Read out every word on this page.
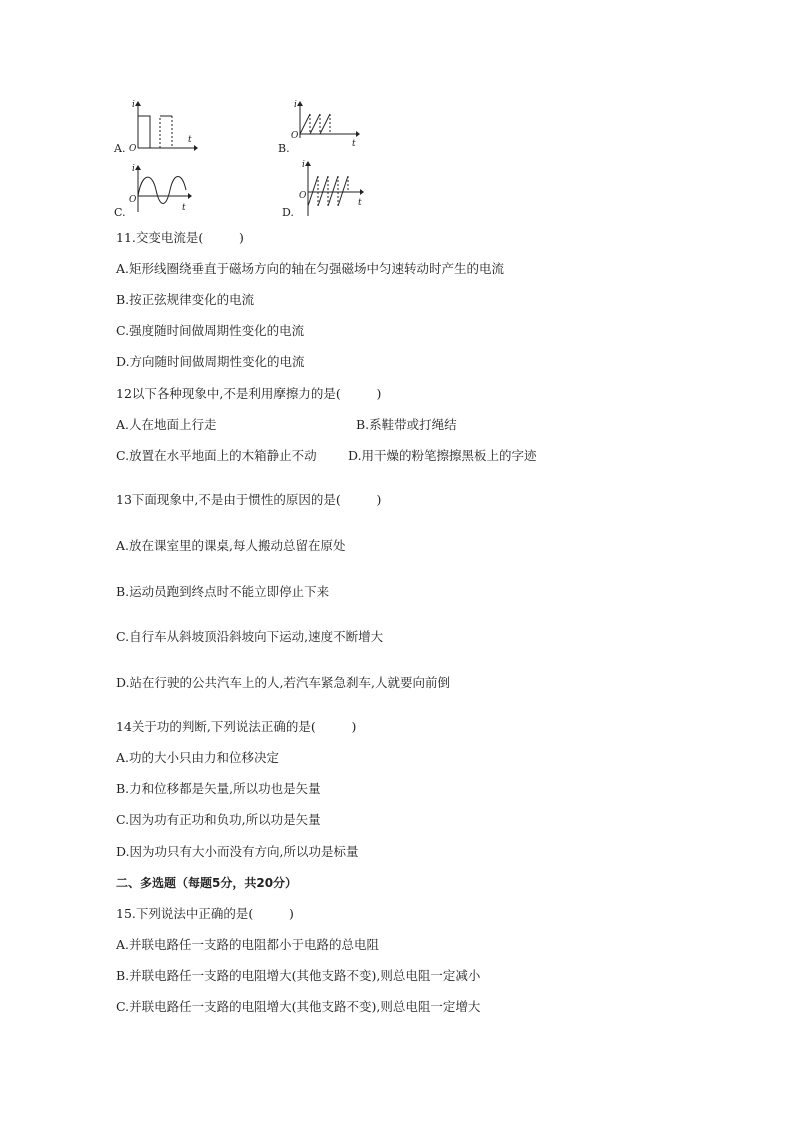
A.
i
t
O	B.
i
t
O
C.
i
t
O
D.
i
t
O
11.交变电流是(         )
A.矩形线圈绕垂直于磁场方向的轴在匀强磁场中匀速转动时产生的电流
B.按正弦规律变化的电流
C.强度随时间做周期性变化的电流
D.方向随时间做周期性变化的电流
12以下各种现象中,不是利用摩擦力的是(         )
A.人在地面上行走	B.系鞋带或打绳结
C.放置在水平地面上的木箱静止不动	D.用干燥的粉笔擦擦黑板上的字迹
13下面现象中,不是由于惯性的原因的是(         )
A.放在课室里的课桌,每人搬动总留在原处
B.运动员跑到终点时不能立即停止下来
C.自行车从斜坡顶沿斜坡向下运动,速度不断增大
D.站在行驶的公共汽车上的人,若汽车紧急刹车,人就要向前倒
14关于功的判断,下列说法正确的是(         )
A.功的大小只由力和位移决定
B.力和位移都是矢量,所以功也是矢量
C.因为功有正功和负功,所以功是矢量
D.因为功只有大小而没有方向,所以功是标量
二、多选题（每题5分，共20分）
15.下列说法中正确的是(         )
A.并联电路任一支路的电阻都小于电路的总电阻
B.并联电路任一支路的电阻增大(其他支路不变),则总电阻一定减小
C.并联电路任一支路的电阻增大(其他支路不变),则总电阻一定增大
